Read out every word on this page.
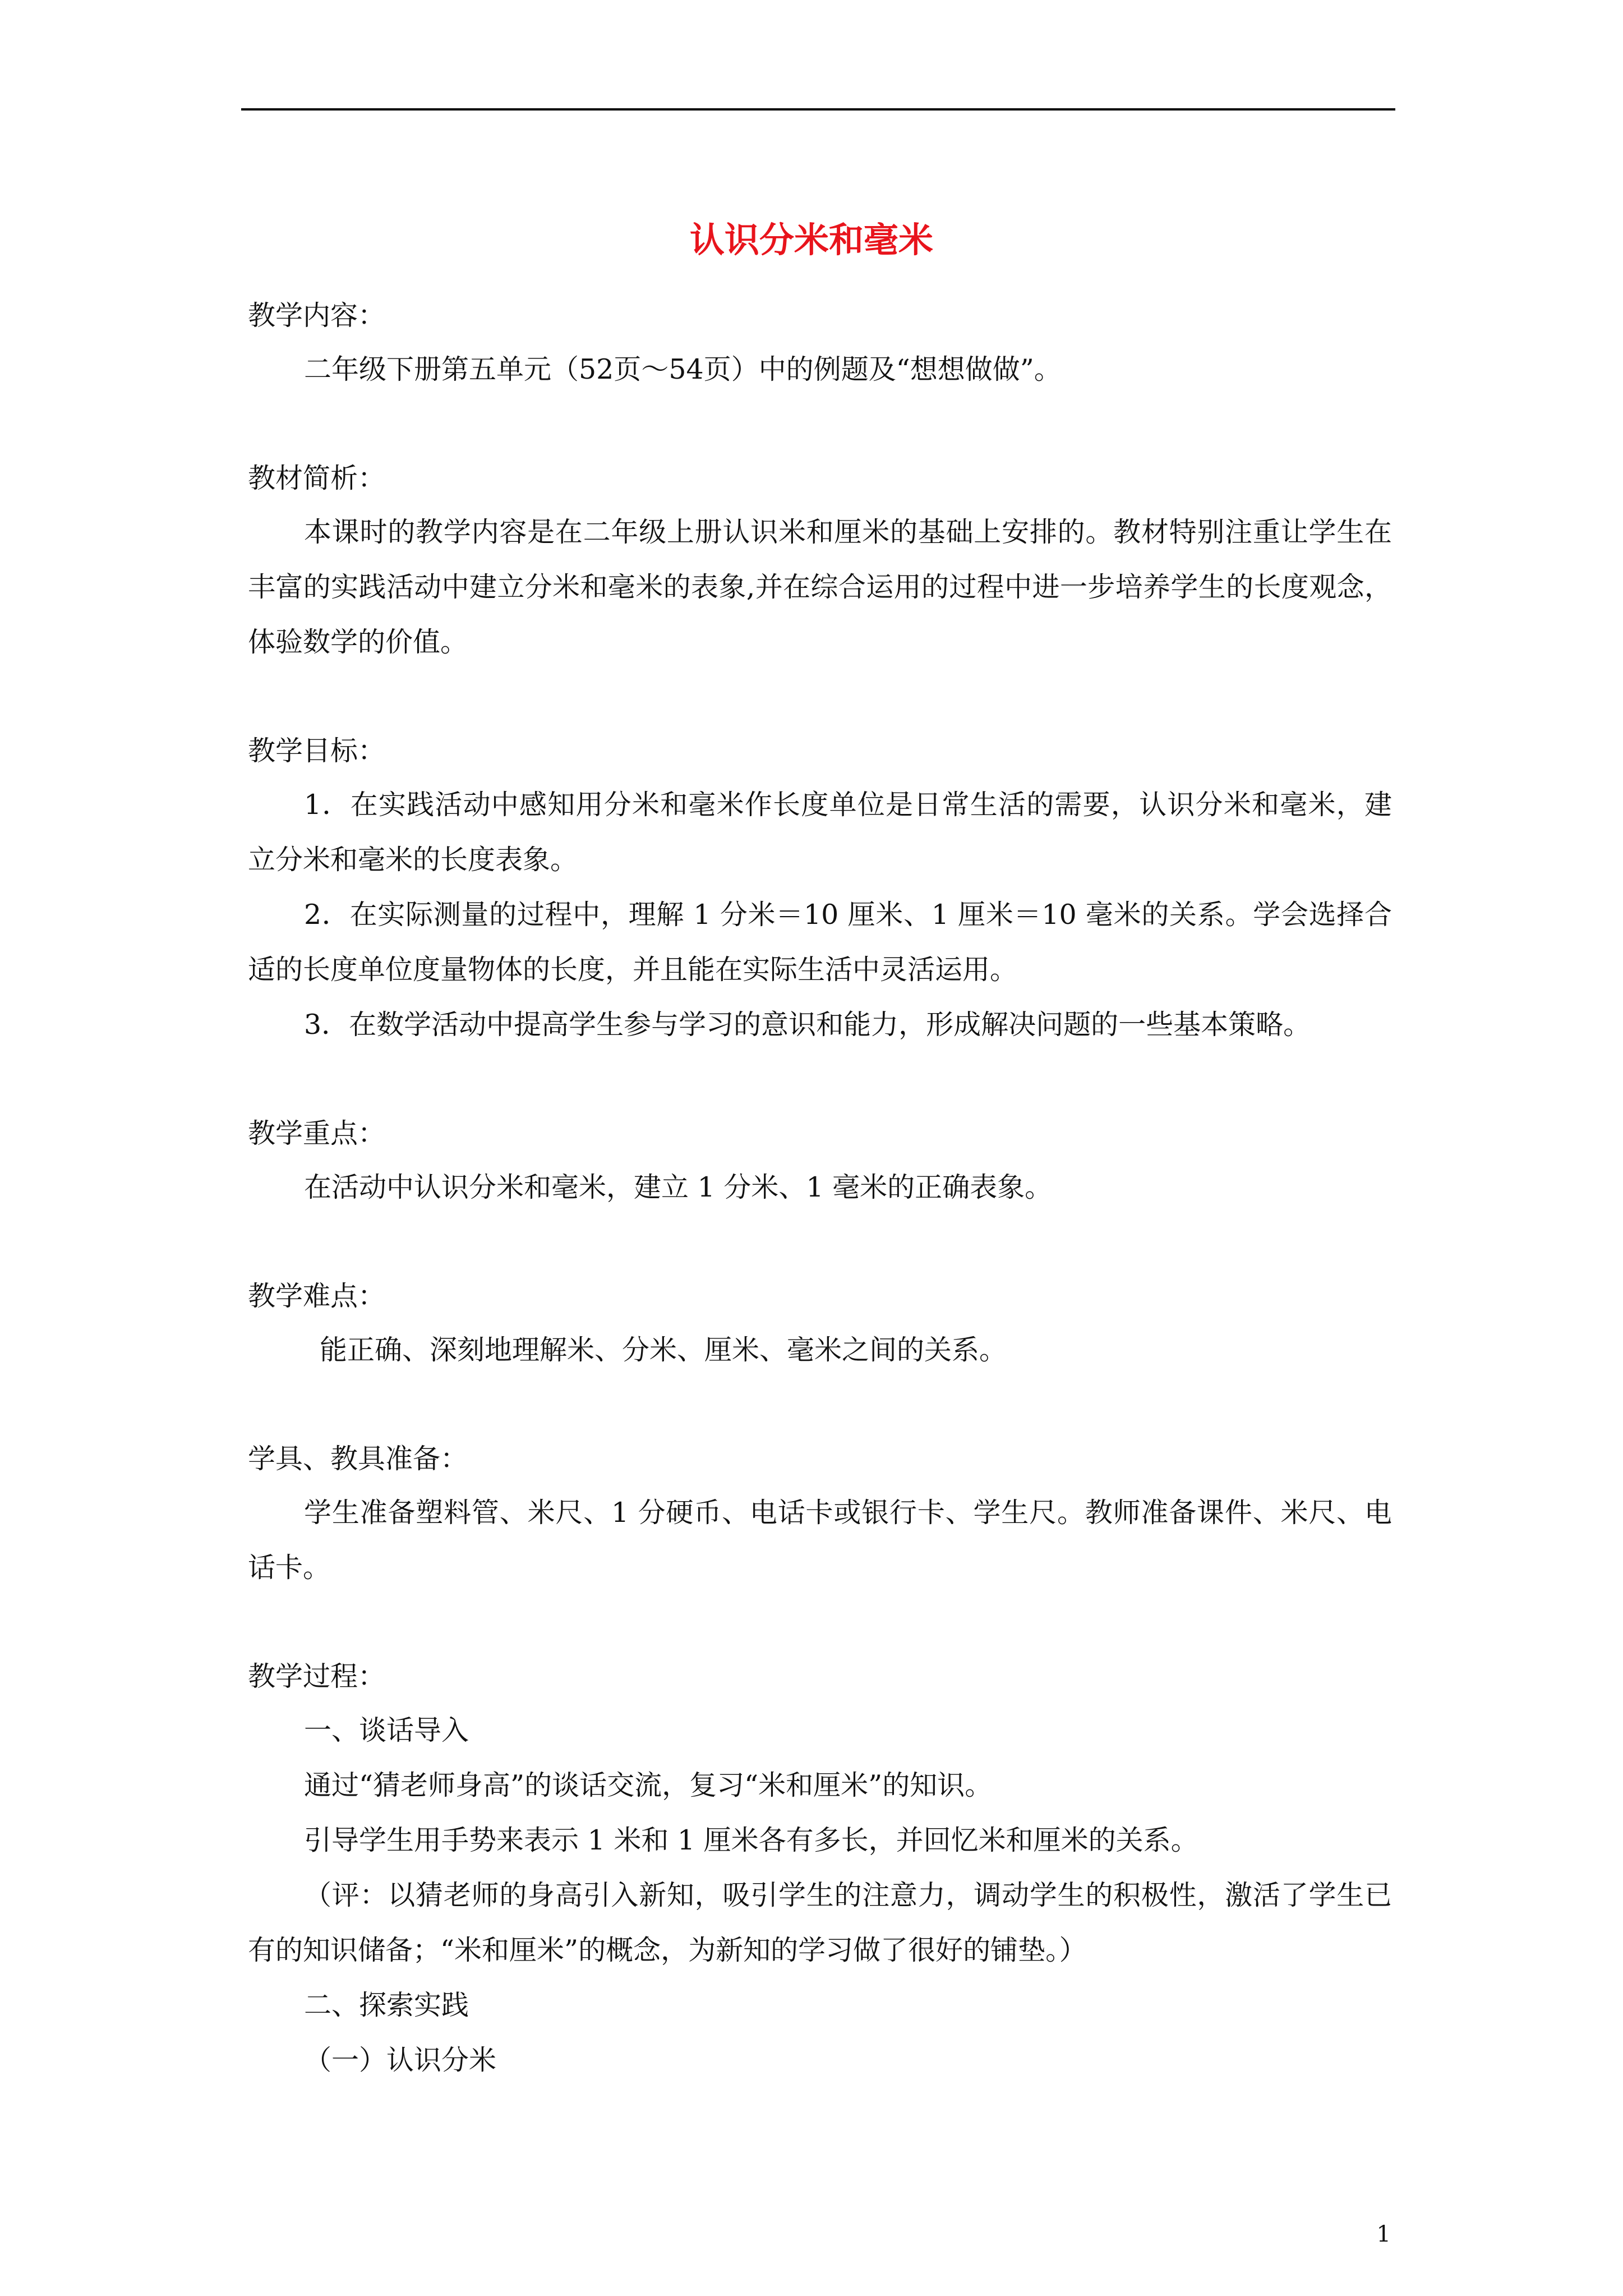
认识分米和毫米

教学内容：

二年级下册第五单元（52页～54页）中的例题及“想想做做”。

教材简析：

本课时的教学内容是在二年级上册认识米和厘米的基础上安排的。教材特别注重让学生在丰富的实践活动中建立分米和毫米的表象,并在综合运用的过程中进一步培养学生的长度观念，体验数学的价值。

教学目标：

1．在实践活动中感知用分米和毫米作长度单位是日常生活的需要，认识分米和毫米，建立分米和毫米的长度表象。

2．在实际测量的过程中，理解 1 分米＝10 厘米、1 厘米＝10 毫米的关系。学会选择合适的长度单位度量物体的长度，并且能在实际生活中灵活运用。

3．在数学活动中提高学生参与学习的意识和能力，形成解决问题的一些基本策略。

教学重点：

在活动中认识分米和毫米，建立 1 分米、1 毫米的正确表象。

教学难点：

能正确、深刻地理解米、分米、厘米、毫米之间的关系。

学具、教具准备：

学生准备塑料管、米尺、1 分硬币、电话卡或银行卡、学生尺。教师准备课件、米尺、电话卡。

教学过程：

一、谈话导入

通过“猜老师身高”的谈话交流，复习“米和厘米”的知识。

引导学生用手势来表示 1 米和 1 厘米各有多长，并回忆米和厘米的关系。

（评：以猜老师的身高引入新知，吸引学生的注意力，调动学生的积极性，激活了学生已有的知识储备；“米和厘米”的概念，为新知的学习做了很好的铺垫。）

二、探索实践

（一）认识分米

1
